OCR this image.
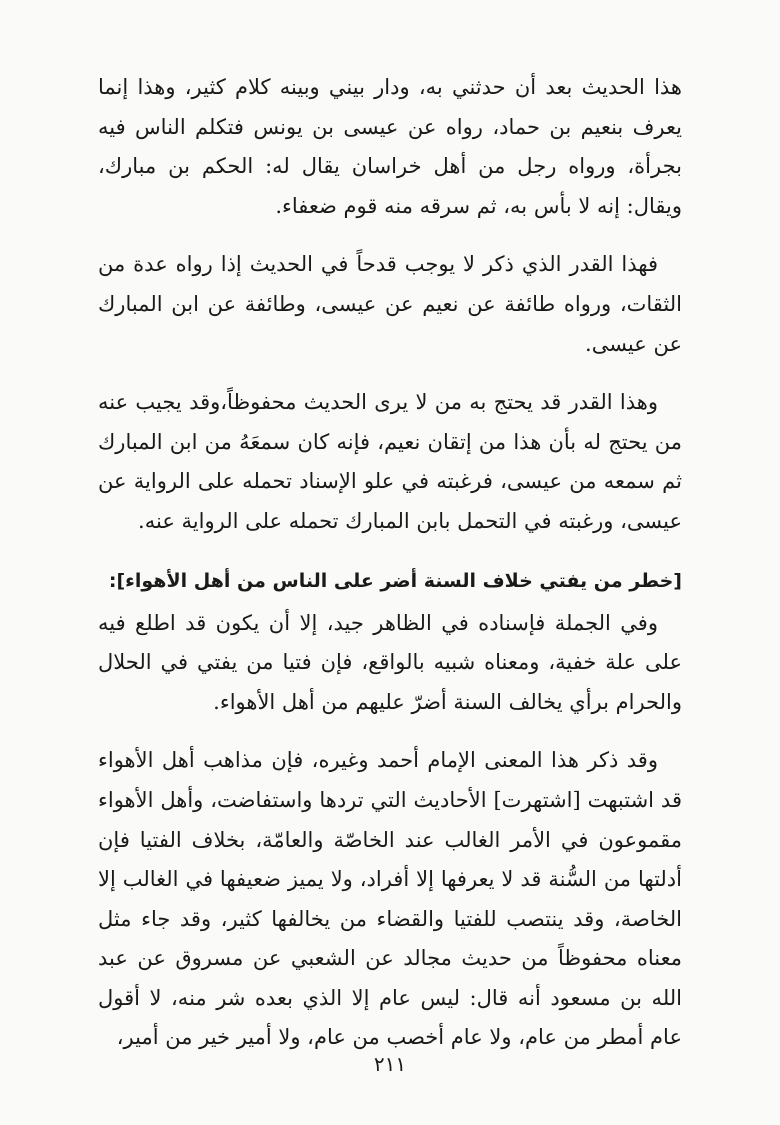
هذا الحديث بعد أن حدثني به، ودار بيني وبينه كلام كثير، وهذا إنما يعرف بنعيم بن حماد، رواه عن عيسى بن يونس فتكلم الناس فيه بجرأة، ورواه رجل من أهل خراسان يقال له: الحكم بن مبارك، ويقال: إنه لا بأس به، ثم سرقه منه قوم ضعفاء.

فهذا القدر الذي ذكر لا يوجب قدحاً في الحديث إذا رواه عدة من الثقات، ورواه طائفة عن نعيم عن عيسى، وطائفة عن ابن المبارك عن عيسى.

وهذا القدر قد يحتج به من لا يرى الحديث محفوظاً،وقد يجيب عنه من يحتج له بأن هذا من إتقان نعيم، فإنه كان سمعَهُ من ابن المبارك ثم سمعه من عيسى، فرغبته في علو الإسناد تحمله على الرواية عن عيسى، ورغبته في التحمل بابن المبارك تحمله على الرواية عنه.

[خطر من يفتي خلاف السنة أضر على الناس من أهل الأهواء]:

وفي الجملة فإسناده في الظاهر جيد، إلا أن يكون قد اطلع فيه على علة خفية، ومعناه شبيه بالواقع، فإن فتيا من يفتي في الحلال والحرام برأي يخالف السنة أضرّ عليهم من أهل الأهواء.

وقد ذكر هذا المعنى الإمام أحمد وغيره، فإن مذاهب أهل الأهواء قد اشتبهت [اشتهرت] الأحاديث التي تردها واستفاضت، وأهل الأهواء مقموعون في الأمر الغالب عند الخاصّة والعامّة، بخلاف الفتيا فإن أدلتها من السُّنة قد لا يعرفها إلا أفراد، ولا يميز ضعيفها في الغالب إلا الخاصة، وقد ينتصب للفتيا والقضاء من يخالفها كثير، وقد جاء مثل معناه محفوظاً من حديث مجالد عن الشعبي عن مسروق عن عبد الله بن مسعود أنه قال: ليس عام إلا الذي بعده شر منه، لا أقول عام أمطر من عام، ولا عام أخصب من عام، ولا أمير خير من أمير،

٢١١
